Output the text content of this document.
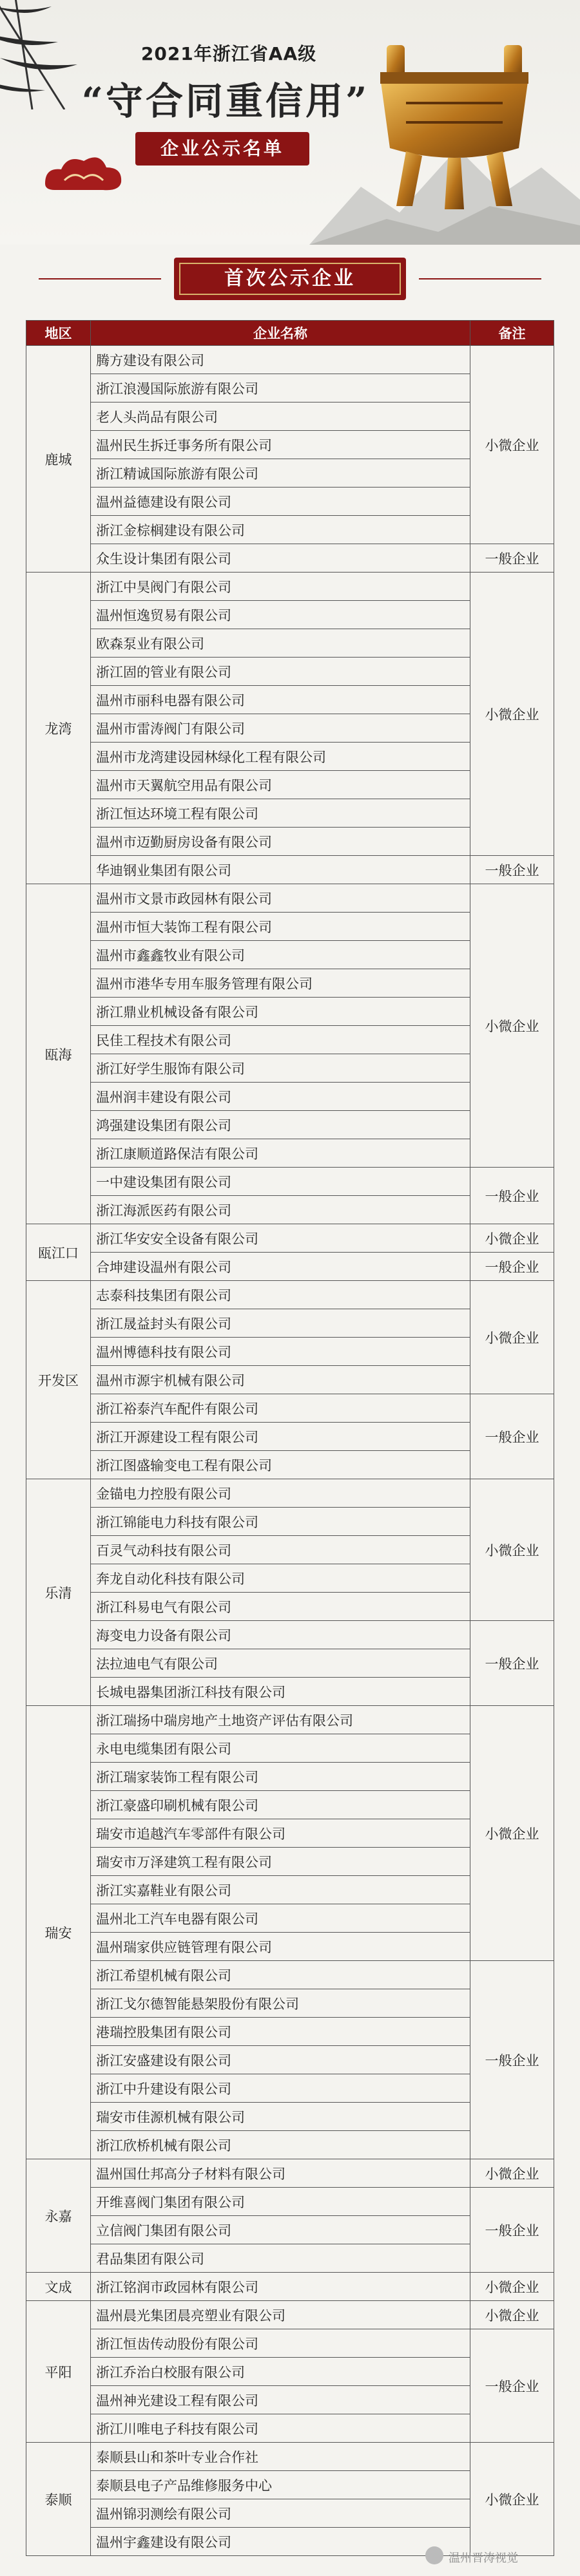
2021年浙江省AA级
“守合同重信用”
企业公示名单
首次公示企业
地区	企业名称	备注
鹿城	腾方建设有限公司	小微企业
	浙江浪漫国际旅游有限公司	
	老人头尚品有限公司	
	温州民生拆迁事务所有限公司	
	浙江精诚国际旅游有限公司	
	温州益德建设有限公司	
	浙江金棕榈建设有限公司	
	众生设计集团有限公司	一般企业
龙湾	浙江中昊阀门有限公司	小微企业
	温州恒逸贸易有限公司	
	欧森泵业有限公司	
	浙江固的管业有限公司	
	温州市丽科电器有限公司	
	温州市雷涛阀门有限公司	
	温州市龙湾建设园林绿化工程有限公司	
	温州市天翼航空用品有限公司	
	浙江恒达环境工程有限公司	
	温州市迈勤厨房设备有限公司	
	华迪钢业集团有限公司	一般企业
瓯海	温州市文景市政园林有限公司	小微企业
	温州市恒大装饰工程有限公司	
	温州市鑫鑫牧业有限公司	
	温州市港华专用车服务管理有限公司	
	浙江鼎业机械设备有限公司	
	民佳工程技术有限公司	
	浙江好学生服饰有限公司	
	温州润丰建设有限公司	
	鸿强建设集团有限公司	
	浙江康顺道路保洁有限公司	
	一中建设集团有限公司	一般企业
	浙江海派医药有限公司	
瓯江口	浙江华安安全设备有限公司	小微企业
	合坤建设温州有限公司	一般企业
开发区	志泰科技集团有限公司	小微企业
	浙江晟益封头有限公司	
	温州博德科技有限公司	
	温州市源宇机械有限公司	
	浙江裕泰汽车配件有限公司	一般企业
	浙江开源建设工程有限公司	
	浙江图盛输变电工程有限公司	
乐清	金锚电力控股有限公司	小微企业
	浙江锦能电力科技有限公司	
	百灵气动科技有限公司	
	奔龙自动化科技有限公司	
	浙江科易电气有限公司	
	海变电力设备有限公司	一般企业
	法拉迪电气有限公司	
	长城电器集团浙江科技有限公司	
瑞安	浙江瑞扬中瑞房地产土地资产评估有限公司	小微企业
	永电电缆集团有限公司	
	浙江瑞家装饰工程有限公司	
	浙江豪盛印刷机械有限公司	
	瑞安市追越汽车零部件有限公司	
	瑞安市万泽建筑工程有限公司	
	浙江实嘉鞋业有限公司	
	温州北工汽车电器有限公司	
	温州瑞家供应链管理有限公司	
	浙江希望机械有限公司	一般企业
	浙江戈尔德智能悬架股份有限公司	
	港瑞控股集团有限公司	
	浙江安盛建设有限公司	
	浙江中升建设有限公司	
	瑞安市佳源机械有限公司	
	浙江欣桥机械有限公司	
永嘉	温州国仕邦高分子材料有限公司	小微企业
	开维喜阀门集团有限公司	一般企业
	立信阀门集团有限公司	
	君品集团有限公司	
文成	浙江铭润市政园林有限公司	小微企业
平阳	温州晨光集团晨亮塑业有限公司	小微企业
	浙江恒齿传动股份有限公司	一般企业
	浙江乔治白校服有限公司	
	温州神光建设工程有限公司	
	浙江川唯电子科技有限公司	
泰顺	泰顺县山和茶叶专业合作社	小微企业
	泰顺县电子产品维修服务中心	
	温州锦羽测绘有限公司	
	温州宇鑫建设有限公司	
温州晋涛视觉
